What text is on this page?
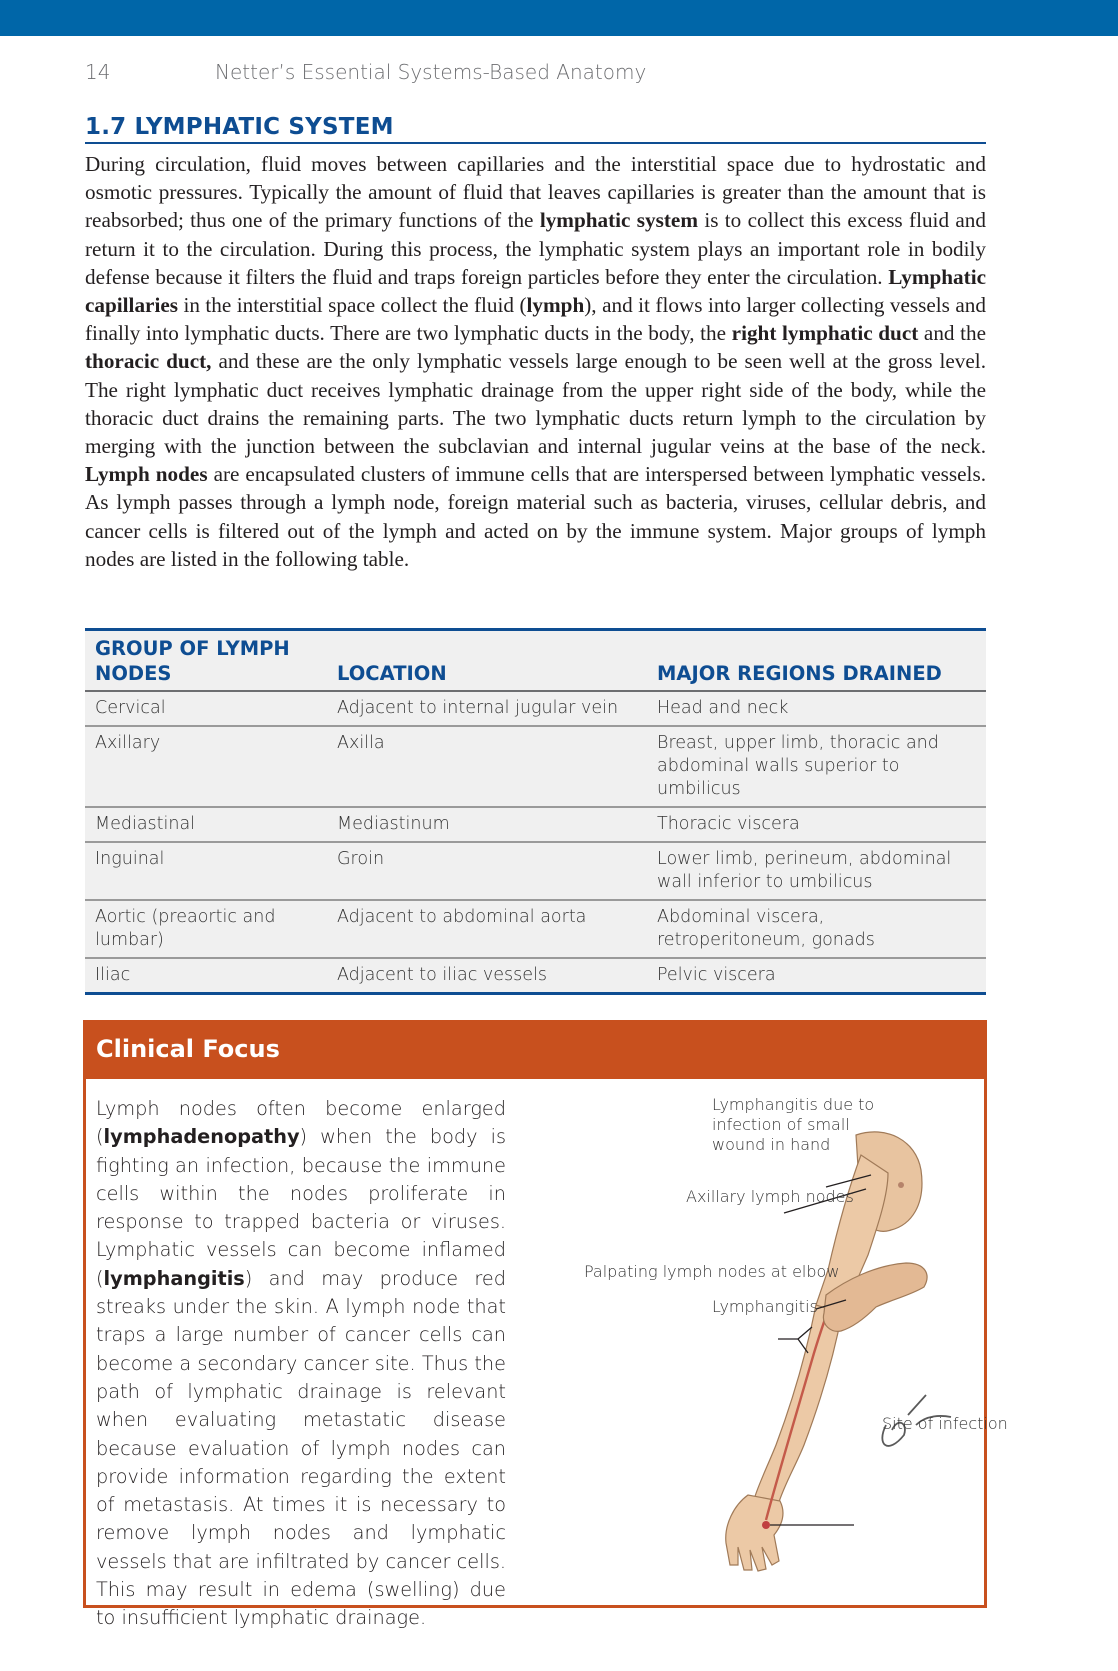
14	Netter’s Essential Systems-Based Anatomy
1.7 LYMPHATIC SYSTEM

During circulation, fluid moves between capillaries and the interstitial space due to hydrostatic and osmotic pressures. Typically the amount of fluid that leaves capillaries is greater than the amount that is reabsorbed; thus one of the primary functions of the lymphatic system is to collect this excess fluid and return it to the circulation. During this process, the lymphatic system plays an important role in bodily defense because it filters the fluid and traps foreign particles before they enter the circulation. Lymphatic capillaries in the interstitial space collect the fluid (lymph), and it flows into larger collecting vessels and finally into lymphatic ducts. There are two lymphatic ducts in the body, the right lymphatic duct and the thoracic duct, and these are the only lymphatic vessels large enough to be seen well at the gross level. The right lymphatic duct receives lymphatic drainage from the upper right side of the body, while the thoracic duct drains the remaining parts. The two lymphatic ducts return lymph to the circulation by merging with the junction between the subclavian and internal jugular veins at the base of the neck. Lymph nodes are encapsulated clusters of immune cells that are interspersed between lymphatic vessels. As lymph passes through a lymph node, foreign material such as bacteria, viruses, cellular debris, and cancer cells is filtered out of the lymph and acted on by the immune system. Major groups of lymph nodes are listed in the following table.

GROUP OF LYMPH NODES	LOCATION	MAJOR REGIONS DRAINED
Cervical	Adjacent to internal jugular vein	Head and neck
Axillary	Axilla	Breast, upper limb, thoracic and abdominal walls superior to umbilicus
Mediastinal	Mediastinum	Thoracic viscera
Inguinal	Groin	Lower limb, perineum, abdominal wall inferior to umbilicus
Aortic (preaortic and lumbar)	Adjacent to abdominal aorta	Abdominal viscera, retroperitoneum, gonads
Iliac	Adjacent to iliac vessels	Pelvic viscera
Clinical Focus

Lymph nodes often become enlarged (lymphadenopathy) when the body is fighting an infection, because the immune cells within the nodes proliferate in response to trapped bacteria or viruses. Lymphatic vessels can become inflamed (lymphangitis) and may produce red streaks under the skin. A lymph node that traps a large number of cancer cells can become a secondary cancer site. Thus the path of lymphatic drainage is relevant when evaluating metastatic disease because evaluation of lymph nodes can provide information regarding the extent of metastasis. At times it is necessary to remove lymph nodes and lymphatic vessels that are infiltrated by cancer cells. This may result in edema (swelling) due to insufficient lymphatic drainage.

Lymphangitis due to
infection of small
wound in hand
Axillary lymph nodes
Palpating lymph nodes at elbow
Lymphangitis
Site of infection
